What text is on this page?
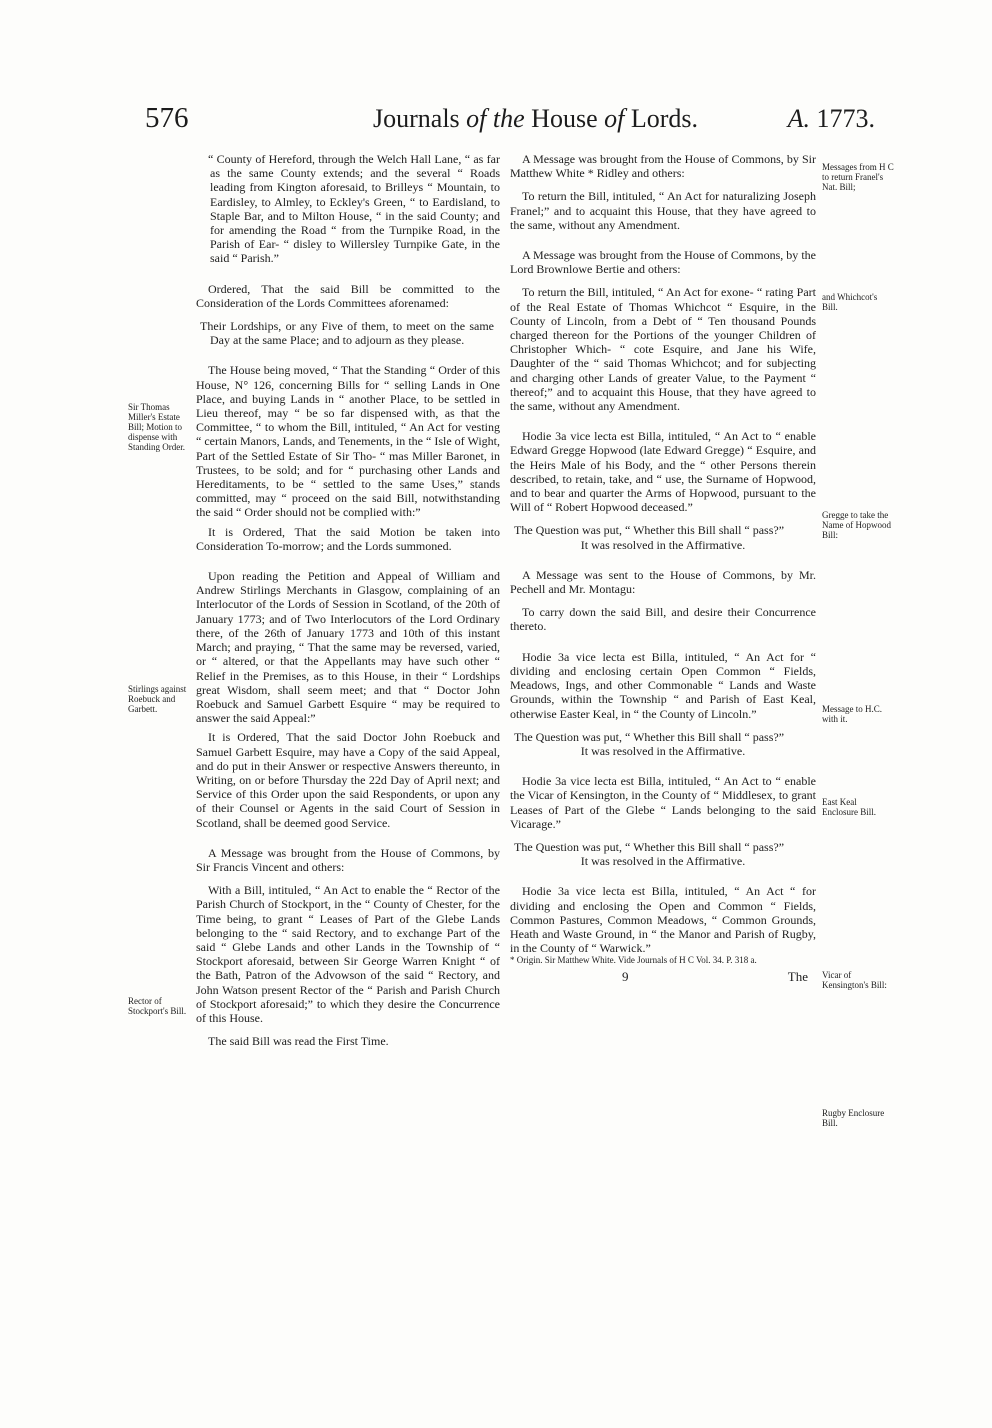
576	Journals of the House of Lords.	A. 1773.

“ County of Hereford, through the Welch Hall Lane, “ as far as the same County extends; and the several “ Roads leading from Kington aforesaid, to Brilleys “ Mountain, to Eardisley, to Almley, to Eckley's Green, “ to Eardisland, to Staple Bar, and to Milton House, “ in the said County; and for amending the Road “ from the Turnpike Road, in the Parish of Ear- “ disley to Willersley Turnpike Gate, in the said “ Parish.”

Ordered, That the said Bill be committed to the Consideration of the Lords Committees aforenamed:

Their Lordships, or any Five of them, to meet on the same Day at the same Place; and to adjourn as they please.

The House being moved, “ That the Standing “ Order of this House, N° 126, concerning Bills for “ selling Lands in One Place, and buying Lands in “ another Place, to be settled in Lieu thereof, may “ be so far dispensed with, as that the Committee, “ to whom the Bill, intituled, “ An Act for vesting “ certain Manors, Lands, and Tenements, in the “ Isle of Wight, Part of the Settled Estate of Sir Tho- “ mas Miller Baronet, in Trustees, to be sold; and for “ purchasing other Lands and Hereditaments, to be “ settled to the same Uses,” stands committed, may “ proceed on the said Bill, notwithstanding the said “ Order should not be complied with:”

It is Ordered, That the said Motion be taken into Consideration To-morrow; and the Lords summoned.

Upon reading the Petition and Appeal of William and Andrew Stirlings Merchants in Glasgow, complaining of an Interlocutor of the Lords of Session in Scotland, of the 20th of January 1773; and of Two Interlocutors of the Lord Ordinary there, of the 26th of January 1773 and 10th of this instant March; and praying, “ That the same may be reversed, varied, or “ altered, or that the Appellants may have such other “ Relief in the Premises, as to this House, in their “ Lordships great Wisdom, shall seem meet; and that “ Doctor John Roebuck and Samuel Garbett Esquire “ may be required to answer the said Appeal:”

It is Ordered, That the said Doctor John Roebuck and Samuel Garbett Esquire, may have a Copy of the said Appeal, and do put in their Answer or respective Answers thereunto, in Writing, on or before Thursday the 22d Day of April next; and Service of this Order upon the said Respondents, or upon any of their Counsel or Agents in the said Court of Session in Scotland, shall be deemed good Service.

A Message was brought from the House of Commons, by Sir Francis Vincent and others:

With a Bill, intituled, “ An Act to enable the “ Rector of the Parish Church of Stockport, in the “ County of Chester, for the Time being, to grant “ Leases of Part of the Glebe Lands belonging to the “ said Rectory, and to exchange Part of the said “ Glebe Lands and other Lands in the Township of “ Stockport aforesaid, between Sir George Warren Knight “ of the Bath, Patron of the Advowson of the said “ Rectory, and John Watson present Rector of the “ Parish and Parish Church of Stockport aforesaid;” to which they desire the Concurrence of this House.

The said Bill was read the First Time.

A Message was brought from the House of Commons, by Sir Matthew White * Ridley and others:

To return the Bill, intituled, “ An Act for naturalizing Joseph Franel;” and to acquaint this House, that they have agreed to the same, without any Amendment.

A Message was brought from the House of Commons, by the Lord Brownlowe Bertie and others:

To return the Bill, intituled, “ An Act for exone- “ rating Part of the Real Estate of Thomas Whichcot “ Esquire, in the County of Lincoln, from a Debt of “ Ten thousand Pounds charged thereon for the Portions of the younger Children of Christopher Which- “ cote Esquire, and Jane his Wife, Daughter of the “ said Thomas Whichcot; and for subjecting and charging other Lands of greater Value, to the Payment “ thereof;” and to acquaint this House, that they have agreed to the same, without any Amendment.

Hodie 3a vice lecta est Billa, intituled, “ An Act to “ enable Edward Gregge Hopwood (late Edward Gregge) “ Esquire, and the Heirs Male of his Body, and the “ other Persons therein described, to retain, take, and “ use, the Surname of Hopwood, and to bear and quarter the Arms of Hopwood, pursuant to the Will of “ Robert Hopwood deceased.”

The Question was put, “ Whether this Bill shall “ pass?”

It was resolved in the Affirmative.

A Message was sent to the House of Commons, by Mr. Pechell and Mr. Montagu:

To carry down the said Bill, and desire their Concurrence thereto.

Hodie 3a vice lecta est Billa, intituled, “ An Act for “ dividing and enclosing certain Open Common “ Fields, Meadows, Ings, and other Commonable “ Lands and Waste Grounds, within the Township “ and Parish of East Keal, otherwise Easter Keal, in “ the County of Lincoln.”

The Question was put, “ Whether this Bill shall “ pass?”

It was resolved in the Affirmative.

Hodie 3a vice lecta est Billa, intituled, “ An Act to “ enable the Vicar of Kensington, in the County of “ Middlesex, to grant Leases of Part of the Glebe “ Lands belonging to the said Vicarage.”

The Question was put, “ Whether this Bill shall “ pass?”

It was resolved in the Affirmative.

Hodie 3a vice lecta est Billa, intituled, “ An Act “ for dividing and enclosing the Open and Common “ Fields, Common Pastures, Common Meadows, “ Common Grounds, Heath and Waste Ground, in “ the Manor and Parish of Rugby, in the County of “ Warwick.”

* Origin. Sir Matthew White. Vide Journals of H C Vol. 34. P. 318 a.

9	The
Sir Thomas Miller's Estate Bill; Motion to dispense with Standing Order.
Stirlings against Roebuck and Garbett.
Rector of Stockport's Bill.
Messages from H C to return Franel's Nat. Bill;
and Whichcot's Bill.
Gregge to take the Name of Hopwood Bill:
Message to H.C. with it.
East Keal Enclosure Bill.
Vicar of Kensington's Bill:
Rugby Enclosure Bill.
